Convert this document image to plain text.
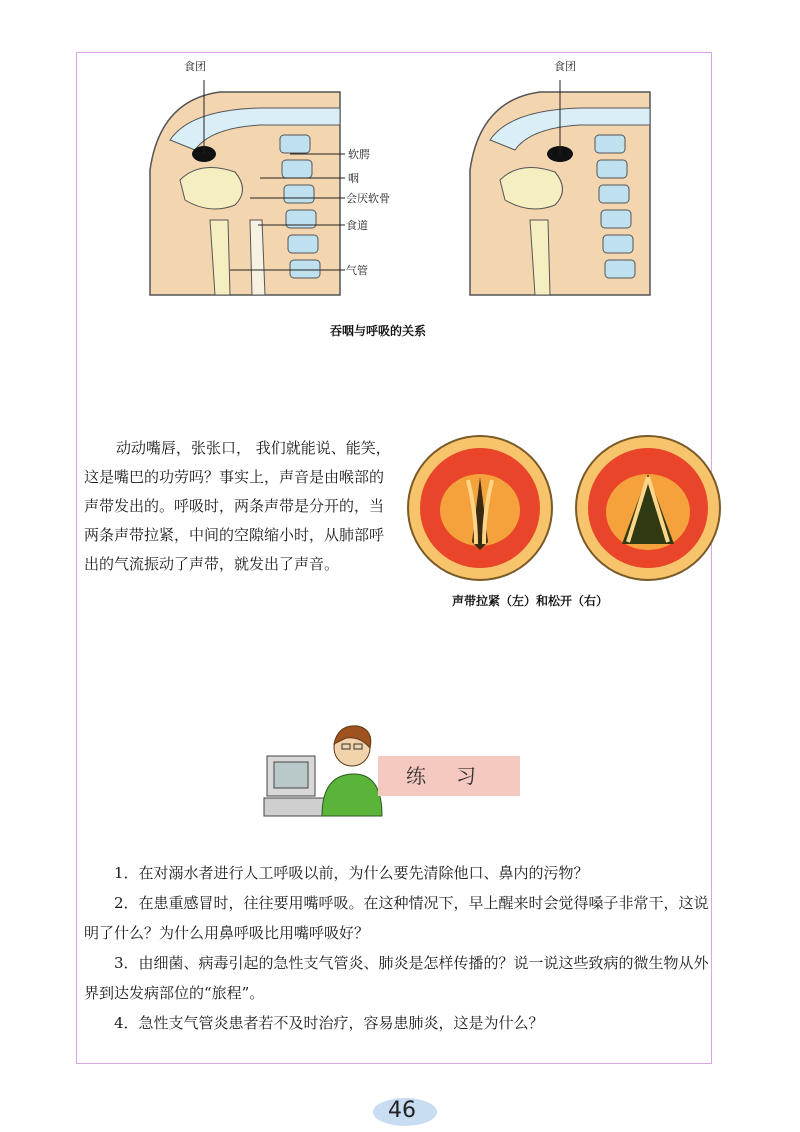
食团
软腭
咽
会厌软骨
食道
气管
食团
吞咽与呼吸的关系
动动嘴唇，张张口， 我们就能说、能笑，这是嘴巴的功劳吗？事实上，声音是由喉部的声带发出的。呼吸时，两条声带是分开的，当两条声带拉紧，中间的空隙缩小时，从肺部呼出的气流振动了声带，就发出了声音。
声带拉紧（左）和松开（右）
练习
1．在对溺水者进行人工呼吸以前，为什么要先清除他口、鼻内的污物？
2．在患重感冒时，往往要用嘴呼吸。在这种情况下，早上醒来时会觉得嗓子非常干，这说明了什么？为什么用鼻呼吸比用嘴呼吸好？
3．由细菌、病毒引起的急性支气管炎、肺炎是怎样传播的？说一说这些致病的微生物从外界到达发病部位的“旅程”。
4．急性支气管炎患者若不及时治疗，容易患肺炎，这是为什么？
46
